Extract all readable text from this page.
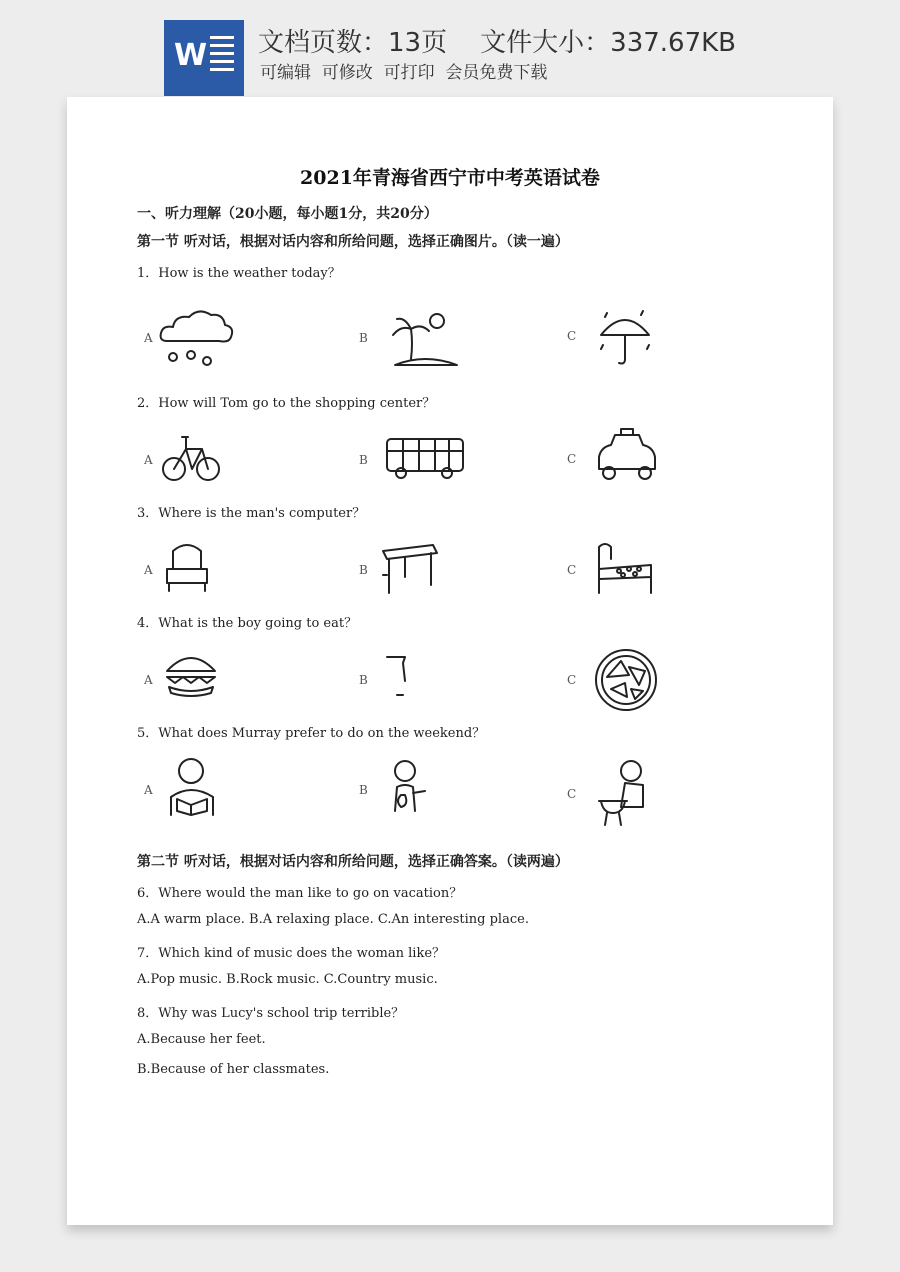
W 文档页数：13页 文件大小：337.67KB
可编辑  可修改  可打印  会员免费下载
2021年青海省西宁市中考英语试卷
一、听力理解（20小题，每小题1分，共20分）
第一节 听对话，根据对话内容和所给问题，选择正确图片。（读一遍）
1．How is the weather today？
A	B	C
2．How will Tom go to the shopping center？
A	B	C
3．Where is the man's computer？
A	B	C
4．What is the boy going to eat？
A	B	C
5．What does Murray prefer to do on the weekend？
A	B	C
第二节 听对话，根据对话内容和所给问题，选择正确答案。（读两遍）
6．Where would the man like to go on vacation？
A.A warm place. B.A relaxing place. C.An interesting place.
7．Which kind of music does the woman like？
A.Pop music. B.Rock music. C.Country music.
8．Why was Lucy's school trip terrible？
A.Because her feet.
B.Because of her classmates.
